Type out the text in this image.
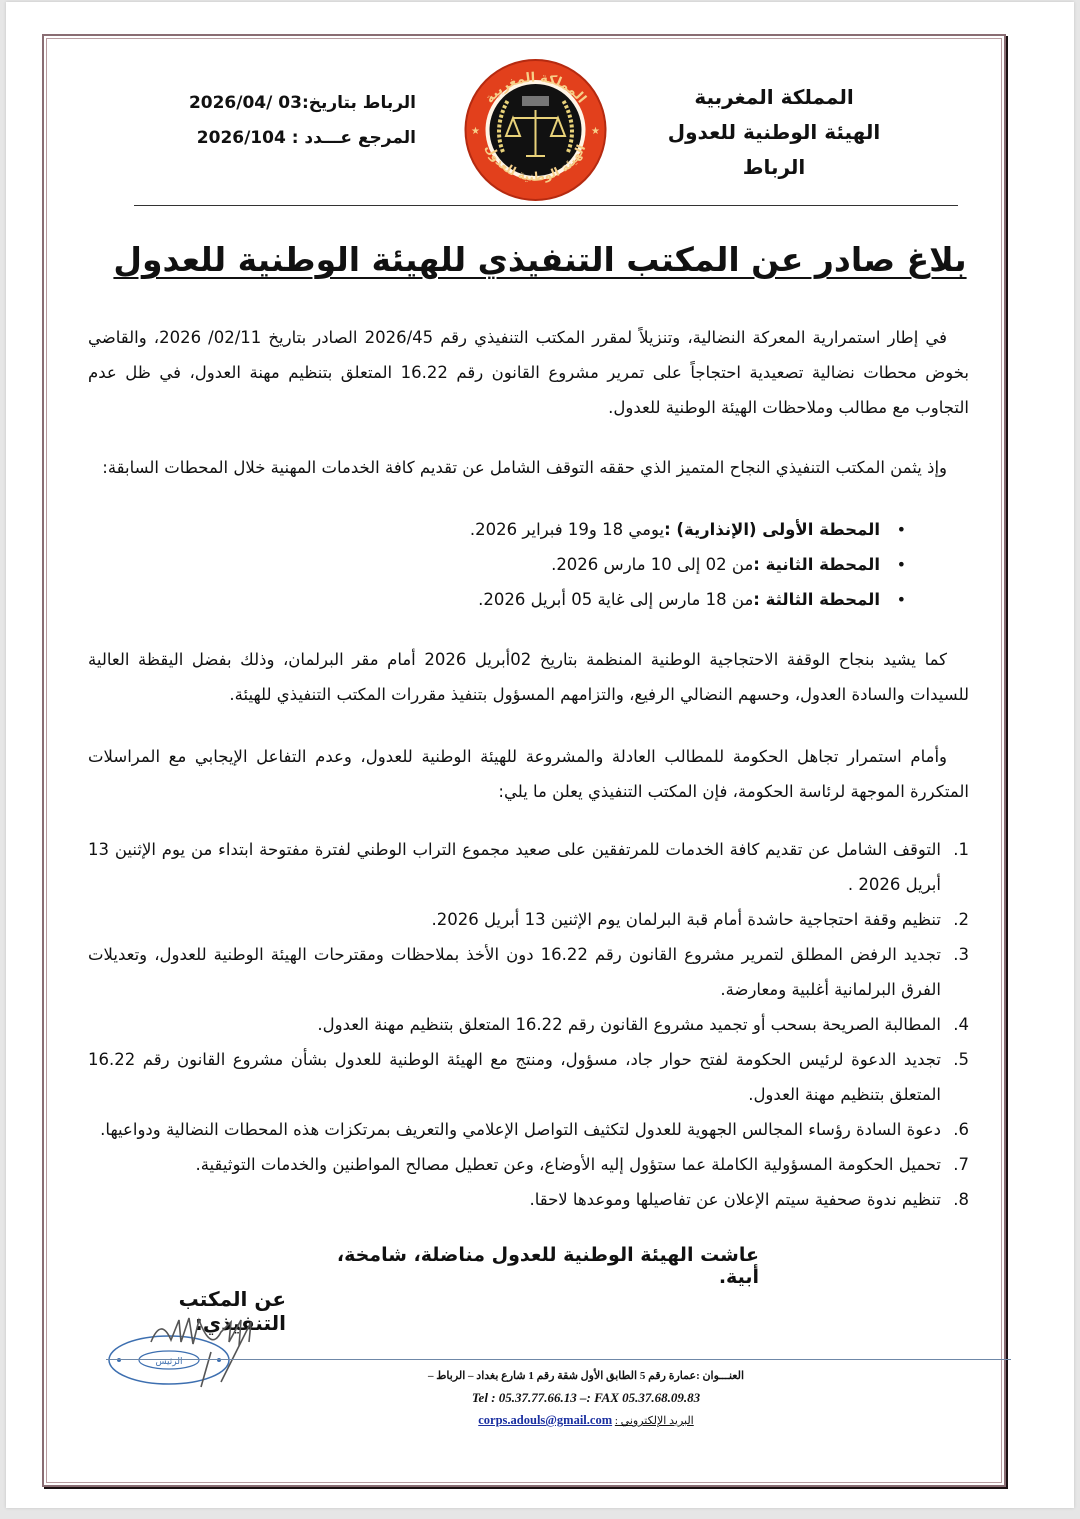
المملكة المغربية
الهيئة الوطنية للعدول
الرباط
المملكة المغربية
الهيئة الوطنية للعدول
★	★
الرباط بتاريخ:03 /2026/04
المرجع عـــدد : 2026/104
بلاغ صادر عن المكتب التنفيذي للهيئة الوطنية للعدول
في إطار استمرارية المعركة النضالية، وتنزيلاً لمقرر المكتب التنفيذي رقم 2026/45 الصادر بتاريخ 02/11/ 2026، والقاضي بخوض محطات نضالية تصعيدية احتجاجاً على تمرير مشروع القانون رقم 16.22 المتعلق بتنظيم مهنة العدول، في ظل عدم التجاوب مع مطالب وملاحظات الهيئة الوطنية للعدول.
وإذ يثمن المكتب التنفيذي النجاح المتميز الذي حققه التوقف الشامل عن تقديم كافة الخدمات المهنية خلال المحطات السابقة:
• المحطة الأولى (الإنذارية) :يومي 18 و19 فبراير 2026.
• المحطة الثانية :من 02 إلى 10 مارس 2026.
• المحطة الثالثة :من 18 مارس إلى غاية 05 أبريل 2026.
كما يشيد بنجاح الوقفة الاحتجاجية الوطنية المنظمة بتاريخ 02أبريل 2026 أمام مقر البرلمان، وذلك بفضل اليقظة العالية للسيدات والسادة العدول، وحسهم النضالي الرفيع، والتزامهم المسؤول بتنفيذ مقررات المكتب التنفيذي للهيئة.
وأمام استمرار تجاهل الحكومة للمطالب العادلة والمشروعة للهيئة الوطنية للعدول، وعدم التفاعل الإيجابي مع المراسلات المتكررة الموجهة لرئاسة الحكومة، فإن المكتب التنفيذي يعلن ما يلي:
1.
التوقف الشامل عن تقديم كافة الخدمات للمرتفقين على صعيد مجموع التراب الوطني لفترة مفتوحة ابتداء من يوم الإثنين 13 أبريل 2026 .
2.
تنظيم وقفة احتجاجية حاشدة أمام قبة البرلمان يوم الإثنين 13 أبريل 2026.
3.
تجديد الرفض المطلق لتمرير مشروع القانون رقم 16.22 دون الأخذ بملاحظات ومقترحات الهيئة الوطنية للعدول، وتعديلات الفرق البرلمانية أغلبية ومعارضة.
4.
المطالبة الصريحة بسحب أو تجميد مشروع القانون رقم 16.22 المتعلق بتنظيم مهنة العدول.
5.
تجديد الدعوة لرئيس الحكومة لفتح حوار جاد، مسؤول، ومنتج مع الهيئة الوطنية للعدول بشأن مشروع القانون رقم 16.22 المتعلق بتنظيم مهنة العدول.
6.
دعوة السادة رؤساء المجالس الجهوية للعدول لتكثيف التواصل الإعلامي والتعريف بمرتكزات هذه المحطات النضالية ودواعيها.
7.
تحميل الحكومة المسؤولية الكاملة عما ستؤول إليه الأوضاع، وعن تعطيل مصالح المواطنين والخدمات التوثيقية.
8.
تنظيم ندوة صحفية سيتم الإعلان عن تفاصيلها وموعدها لاحقا.
عاشت الهيئة الوطنية للعدول مناضلة، شامخة، أبية.
عن المكتب التنفيذي:
الرئيس
العنـــوان :عمارة رقم 5 الطابق الأول شقة رقم 1 شارع بغداد – الرباط –
Tel : 05.37.77.66.13 –: FAX 05.37.68.09.83
corps.adouls@gmail.com البريد الإلكتروني :
